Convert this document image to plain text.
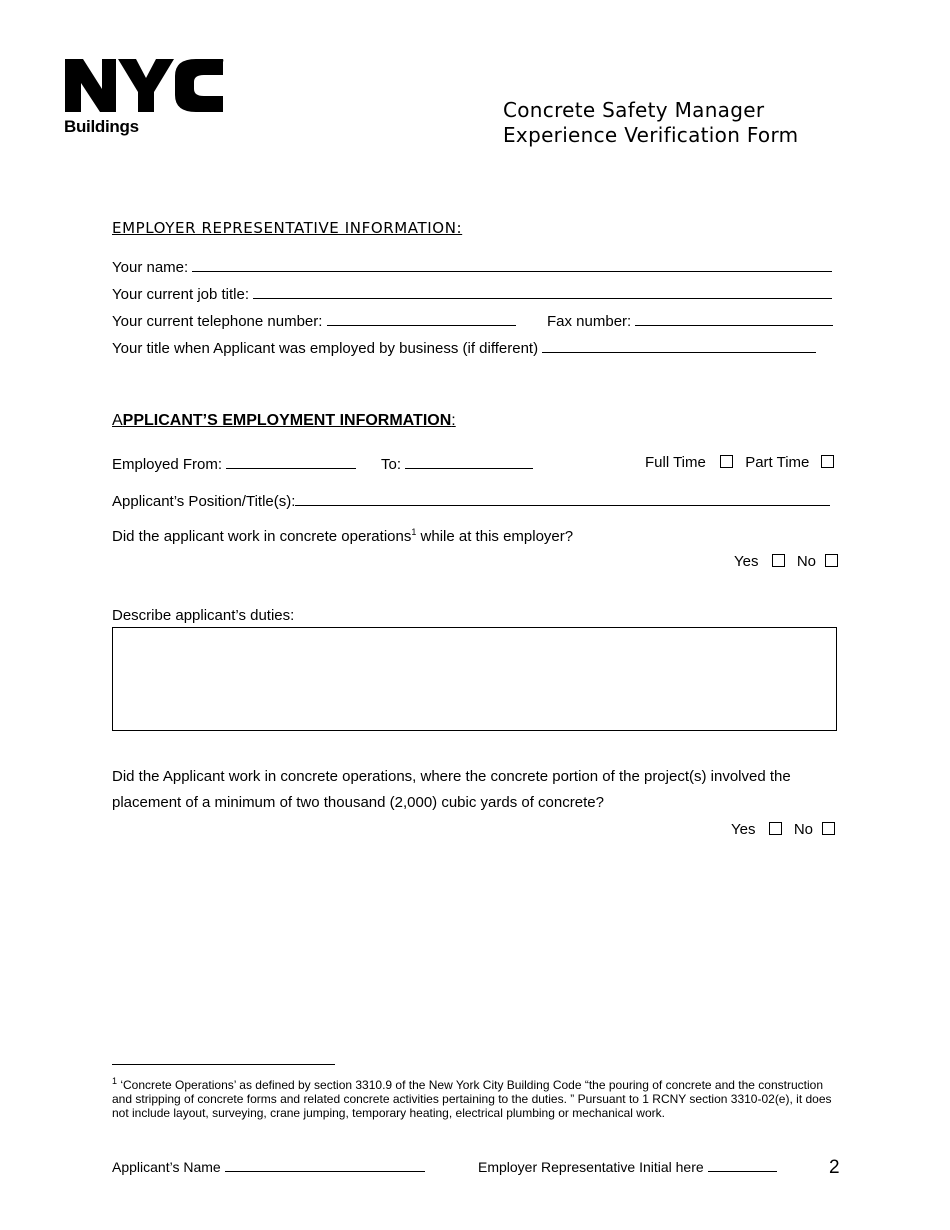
™
Buildings
Concrete Safety Manager
Experience Verification Form
EMPLOYER REPRESENTATIVE INFORMATION:
Your name:
Your current job title:
Your current telephone number:	Fax number:
Your title when Applicant was employed by business (if different)
APPLICANT’S EMPLOYMENT INFORMATION:
Employed From:	To:	Full Time	Part Time
Applicant’s Position/Title(s):
Did the applicant work in concrete operations$^1$ while at this employer?
Yes	No
Describe applicant’s duties:
Did the Applicant work in concrete operations, where the concrete portion of the project(s) involved the
placement of a minimum of two thousand (2,000) cubic yards of concrete?
Yes	No
$^1$ ‘Concrete Operations’ as defined by section 3310.9 of the New York City Building Code “the pouring of concrete and the construction and stripping of concrete forms and related concrete activities pertaining to the duties. ” Pursuant to 1 RCNY section 3310-02(e), it does not include layout, surveying, crane jumping, temporary heating, electrical plumbing or mechanical work.
Applicant’s Name	Employer Representative Initial here	2
